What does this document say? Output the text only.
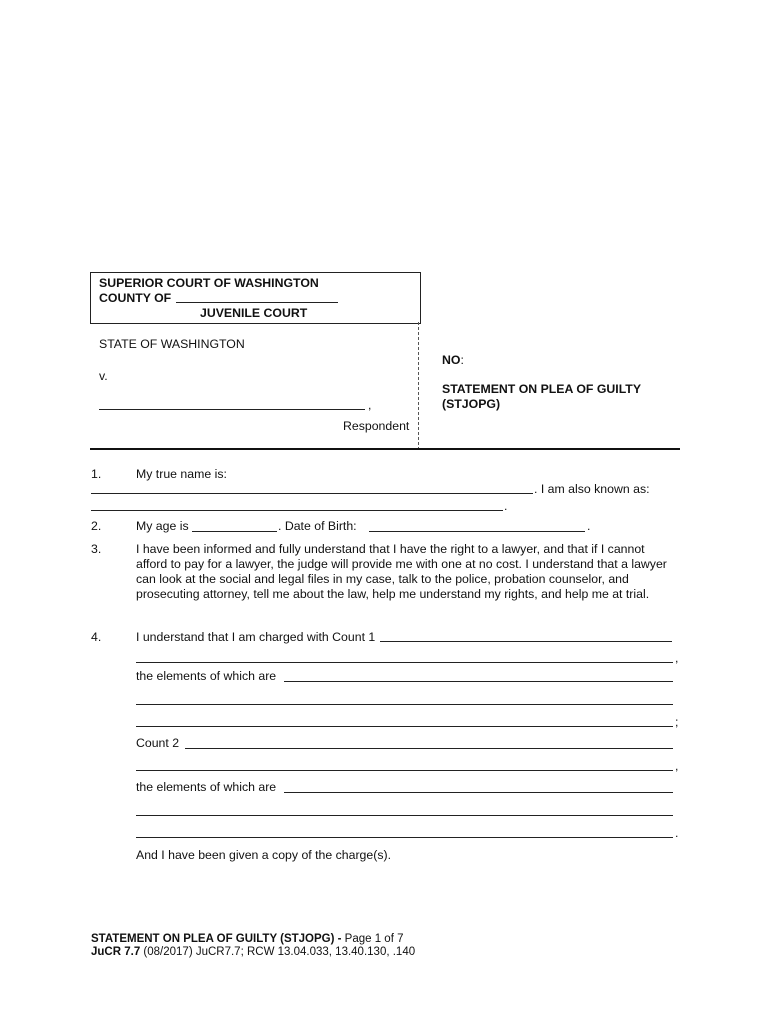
SUPERIOR COURT OF WASHINGTON
COUNTY OF
JUVENILE COURT
STATE OF WASHINGTON
v.
,
Respondent
NO:
STATEMENT ON PLEA OF GUILTY
(STJOPG)
1.	My true name is:
. I am also known as:
.
2.	My age is	. Date of Birth:	.
3.	I have been informed and fully understand that I have the right to a lawyer, and that if I cannot afford to pay for a lawyer, the judge will provide me with one at no cost. I understand that a lawyer can look at the social and legal files in my case, talk to the police, probation counselor, and prosecuting attorney, tell me about the law, help me understand my rights, and help me at trial.
4.	I understand that I am charged with Count 1
,
the elements of which are
;
Count 2
,
the elements of which are
.
And I have been given a copy of the charge(s).
STATEMENT ON PLEA OF GUILTY (STJOPG) - Page 1 of 7
JuCR 7.7 (08/2017) JuCR7.7; RCW 13.04.033, 13.40.130, .140
